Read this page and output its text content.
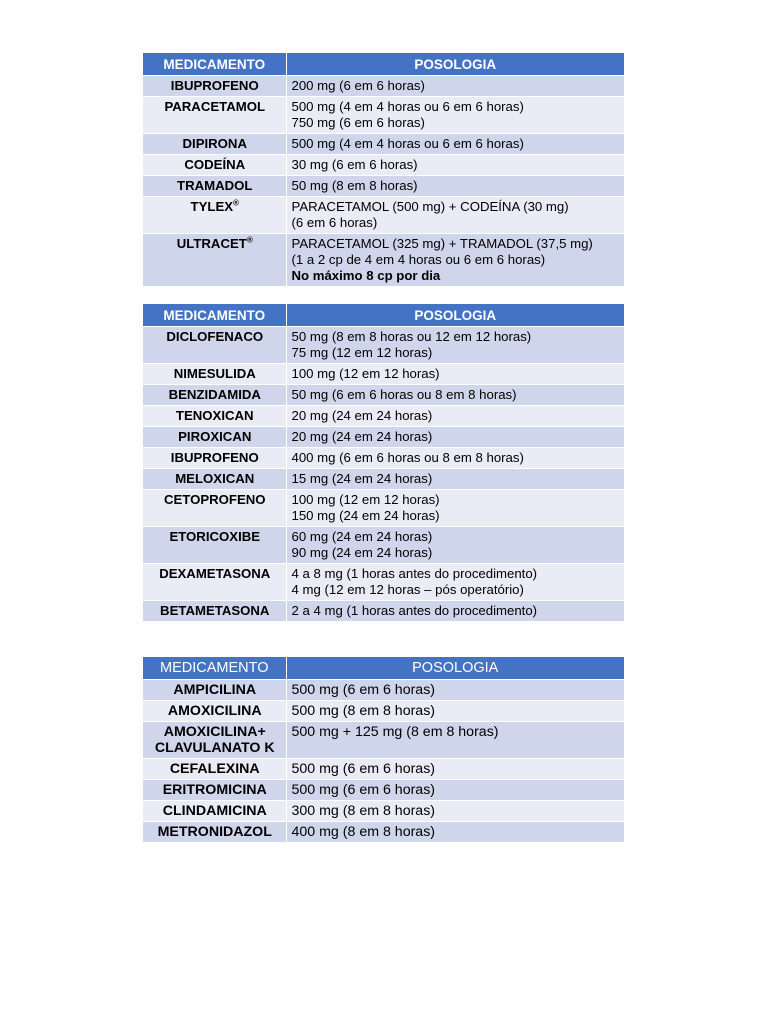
MEDICAMENTO	POSOLOGIA
IBUPROFENO	200 mg (6 em 6 horas)

PARACETAMOL	500 mg (4 em 4 horas ou 6 em 6 horas)
750 mg (6 em 6 horas)

DIPIRONA	500 mg (4 em 4 horas ou 6 em 6 horas)

CODEÍNA	30 mg (6 em 6 horas)

TRAMADOL	50 mg (8 em 8 horas)

TYLEX®	PARACETAMOL (500 mg) + CODEÍNA (30 mg)
(6 em 6 horas)

ULTRACET®	PARACETAMOL (325 mg) + TRAMADOL (37,5 mg)
(1 a 2 cp de 4 em 4 horas ou 6 em 6 horas)
No máximo 8 cp por dia
MEDICAMENTO	POSOLOGIA
DICLOFENACO	50 mg (8 em 8 horas ou 12 em 12 horas)
75 mg (12 em 12 horas)

NIMESULIDA	100 mg (12 em 12 horas)

BENZIDAMIDA	50 mg (6 em 6 horas ou 8 em 8 horas)

TENOXICAN	20 mg (24 em 24 horas)

PIROXICAN	20 mg (24 em 24 horas)

IBUPROFENO	400 mg (6 em 6 horas ou 8 em 8 horas)

MELOXICAN	15 mg (24 em 24 horas)

CETOPROFENO	100 mg (12 em 12 horas)
150 mg (24 em 24 horas)

ETORICOXIBE	60 mg (24 em 24 horas)
90 mg (24 em 24 horas)

DEXAMETASONA	4 a 8 mg (1 horas antes do procedimento)
4 mg (12 em 12 horas – pós operatório)

BETAMETASONA	2 a 4 mg (1 horas antes do procedimento)
MEDICAMENTO	POSOLOGIA
AMPICILINA	500 mg (6 em 6 horas)

AMOXICILINA	500 mg (8 em 8 horas)

AMOXICILINA+
CLAVULANATO K	500 mg + 125 mg (8 em 8 horas)

CEFALEXINA	500 mg (6 em 6 horas)

ERITROMICINA	500 mg (6 em 6 horas)

CLINDAMICINA	300 mg (8 em 8 horas)

METRONIDAZOL	400 mg (8 em 8 horas)
